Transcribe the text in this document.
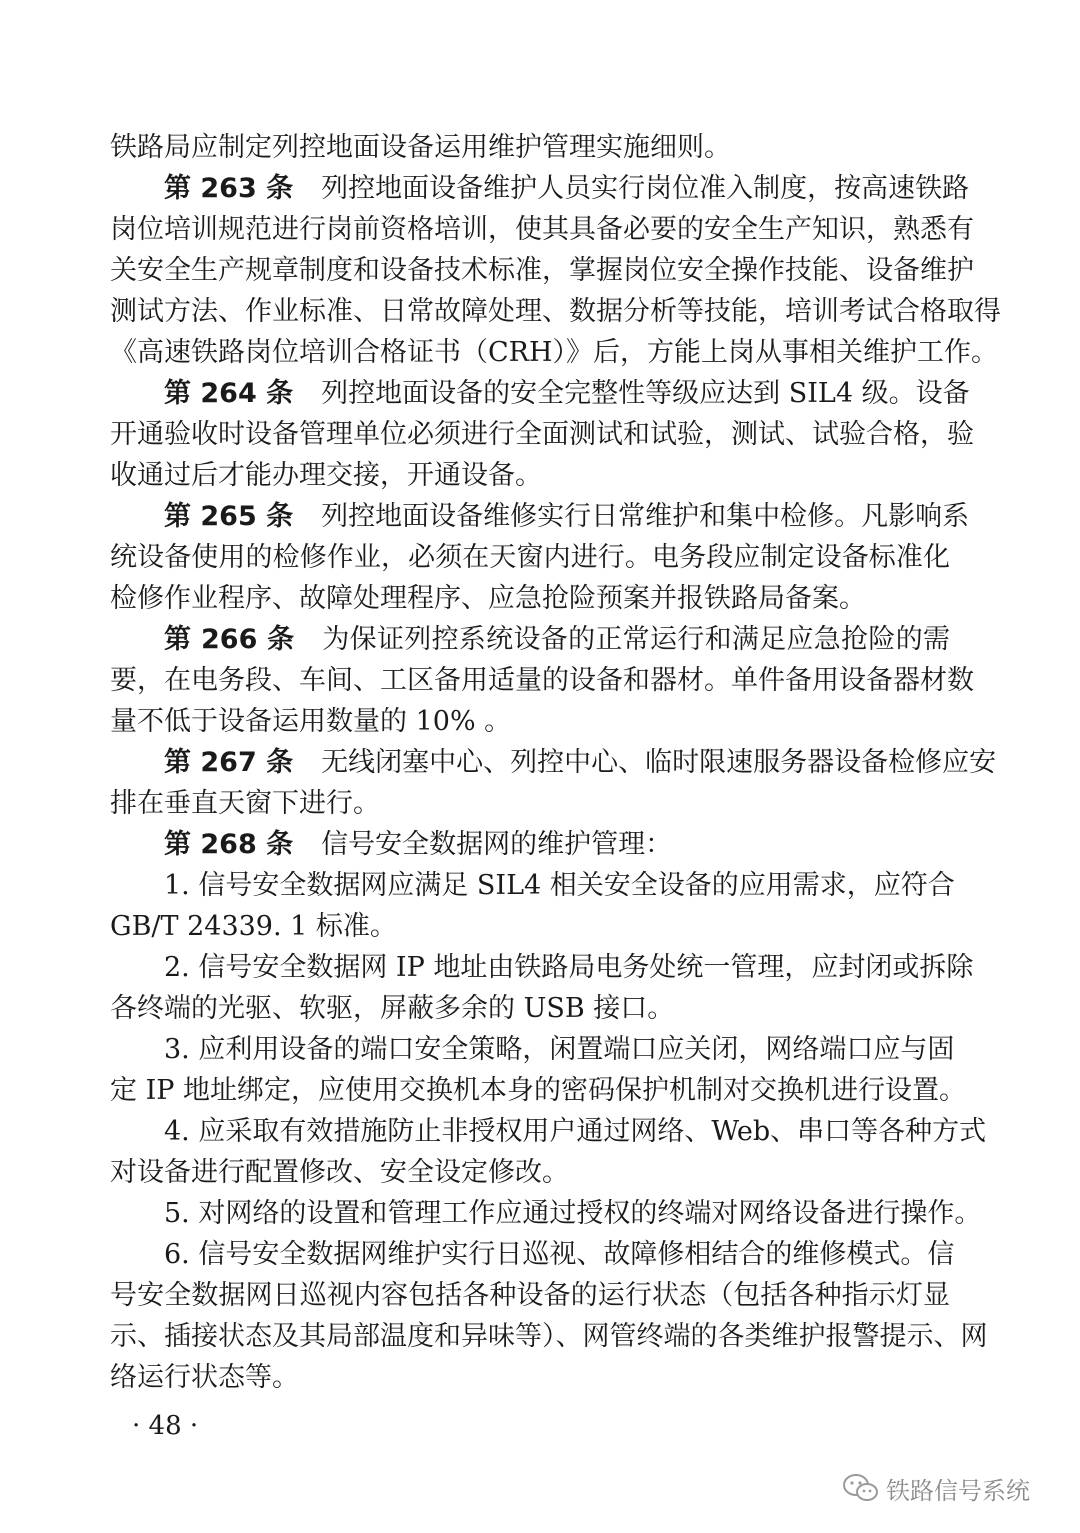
铁路局应制定列控地面设备运用维护管理实施细则。
第 263 条 列控地面设备维护人员实行岗位准入制度，按高速铁路
岗位培训规范进行岗前资格培训，使其具备必要的安全生产知识，熟悉有
关安全生产规章制度和设备技术标准，掌握岗位安全操作技能、设备维护
测试方法、作业标准、日常故障处理、数据分析等技能，培训考试合格取得
《高速铁路岗位培训合格证书（CRH）》后，方能上岗从事相关维护工作。
第 264 条 列控地面设备的安全完整性等级应达到 SIL4 级。设备
开通验收时设备管理单位必须进行全面测试和试验，测试、试验合格，验
收通过后才能办理交接，开通设备。
第 265 条 列控地面设备维修实行日常维护和集中检修。凡影响系
统设备使用的检修作业，必须在天窗内进行。电务段应制定设备标准化
检修作业程序、故障处理程序、应急抢险预案并报铁路局备案。
第 266 条 为保证列控系统设备的正常运行和满足应急抢险的需
要，在电务段、车间、工区备用适量的设备和器材。单件备用设备器材数
量不低于设备运用数量的 10% 。
第 267 条 无线闭塞中心、列控中心、临时限速服务器设备检修应安
排在垂直天窗下进行。
第 268 条 信号安全数据网的维护管理：
1. 信号安全数据网应满足 SIL4 相关安全设备的应用需求，应符合
GB/T 24339. 1 标准。
2. 信号安全数据网 IP 地址由铁路局电务处统一管理，应封闭或拆除
各终端的光驱、软驱，屏蔽多余的 USB 接口。
3. 应利用设备的端口安全策略，闲置端口应关闭，网络端口应与固
定 IP 地址绑定，应使用交换机本身的密码保护机制对交换机进行设置。
4. 应采取有效措施防止非授权用户通过网络、Web、串口等各种方式
对设备进行配置修改、安全设定修改。
5. 对网络的设置和管理工作应通过授权的终端对网络设备进行操作。
6. 信号安全数据网维护实行日巡视、故障修相结合的维修模式。信
号安全数据网日巡视内容包括各种设备的运行状态（包括各种指示灯显
示、插接状态及其局部温度和异味等）、网管终端的各类维护报警提示、网
络运行状态等。
· 48 ·
铁路信号系统
